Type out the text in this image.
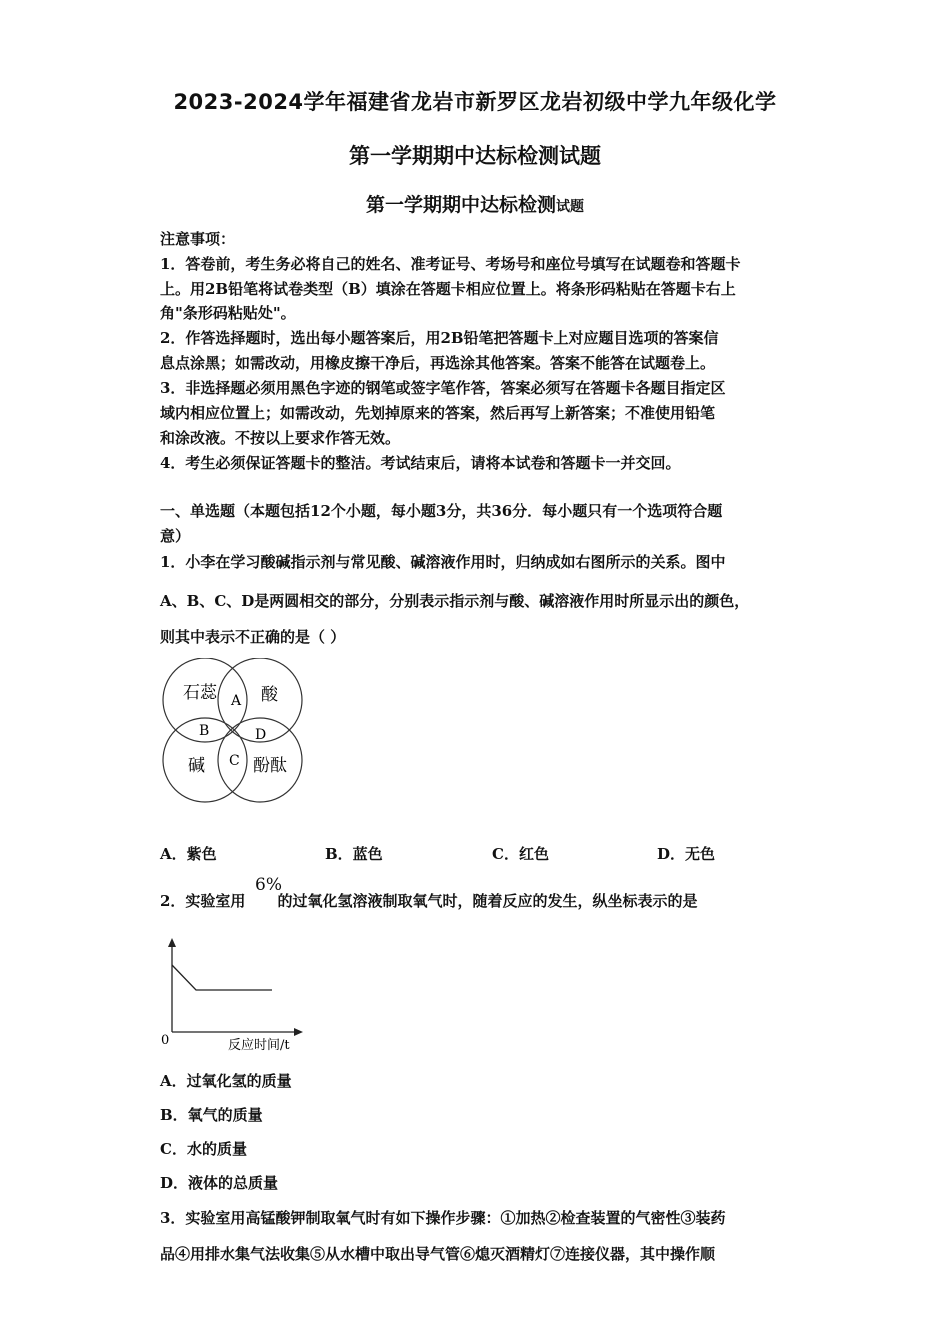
2023-2024学年福建省龙岩市新罗区龙岩初级中学九年级化学
第一学期期中达标检测试题
第一学期期中达标检测试题
注意事项：
1．答卷前，考生务必将自己的姓名、准考证号、考场号和座位号填写在试题卷和答题卡
上。用2B铅笔将试卷类型（B）填涂在答题卡相应位置上。将条形码粘贴在答题卡右上
角"条形码粘贴处"。
2．作答选择题时，选出每小题答案后，用2B铅笔把答题卡上对应题目选项的答案信
息点涂黑；如需改动，用橡皮擦干净后，再选涂其他答案。答案不能答在试题卷上。
3．非选择题必须用黑色字迹的钢笔或签字笔作答，答案必须写在答题卡各题目指定区
域内相应位置上；如需改动，先划掉原来的答案，然后再写上新答案；不准使用铅笔
和涂改液。不按以上要求作答无效。
4．考生必须保证答题卡的整洁。考试结束后，请将本试卷和答题卡一并交回。
一、单选题（本题包括12个小题，每小题3分，共36分．每小题只有一个选项符合题
意）
1．小李在学习酸碱指示剂与常见酸、碱溶液作用时，归纳成如右图所示的关系。图中
A、B、C、D是两圆相交的部分，分别表示指示剂与酸、碱溶液作用时所显示出的颜色，
则其中表示不正确的是（ ）
石蕊	酸
碱	酚酞
A
B
C
D
A．紫色	B．蓝色	C．红色	D．无色
2．实验室用 的过氧化氢溶液制取氧气时，随着反应的发生，纵坐标表示的是
6%
0	反应时间/t
A．过氧化氢的质量
B．氧气的质量
C．水的质量
D．液体的总质量
3．实验室用高锰酸钾制取氧气时有如下操作步骤：①加热②检查装置的气密性③装药
品④用排水集气法收集⑤从水槽中取出导气管⑥熄灭酒精灯⑦连接仪器，其中操作顺
